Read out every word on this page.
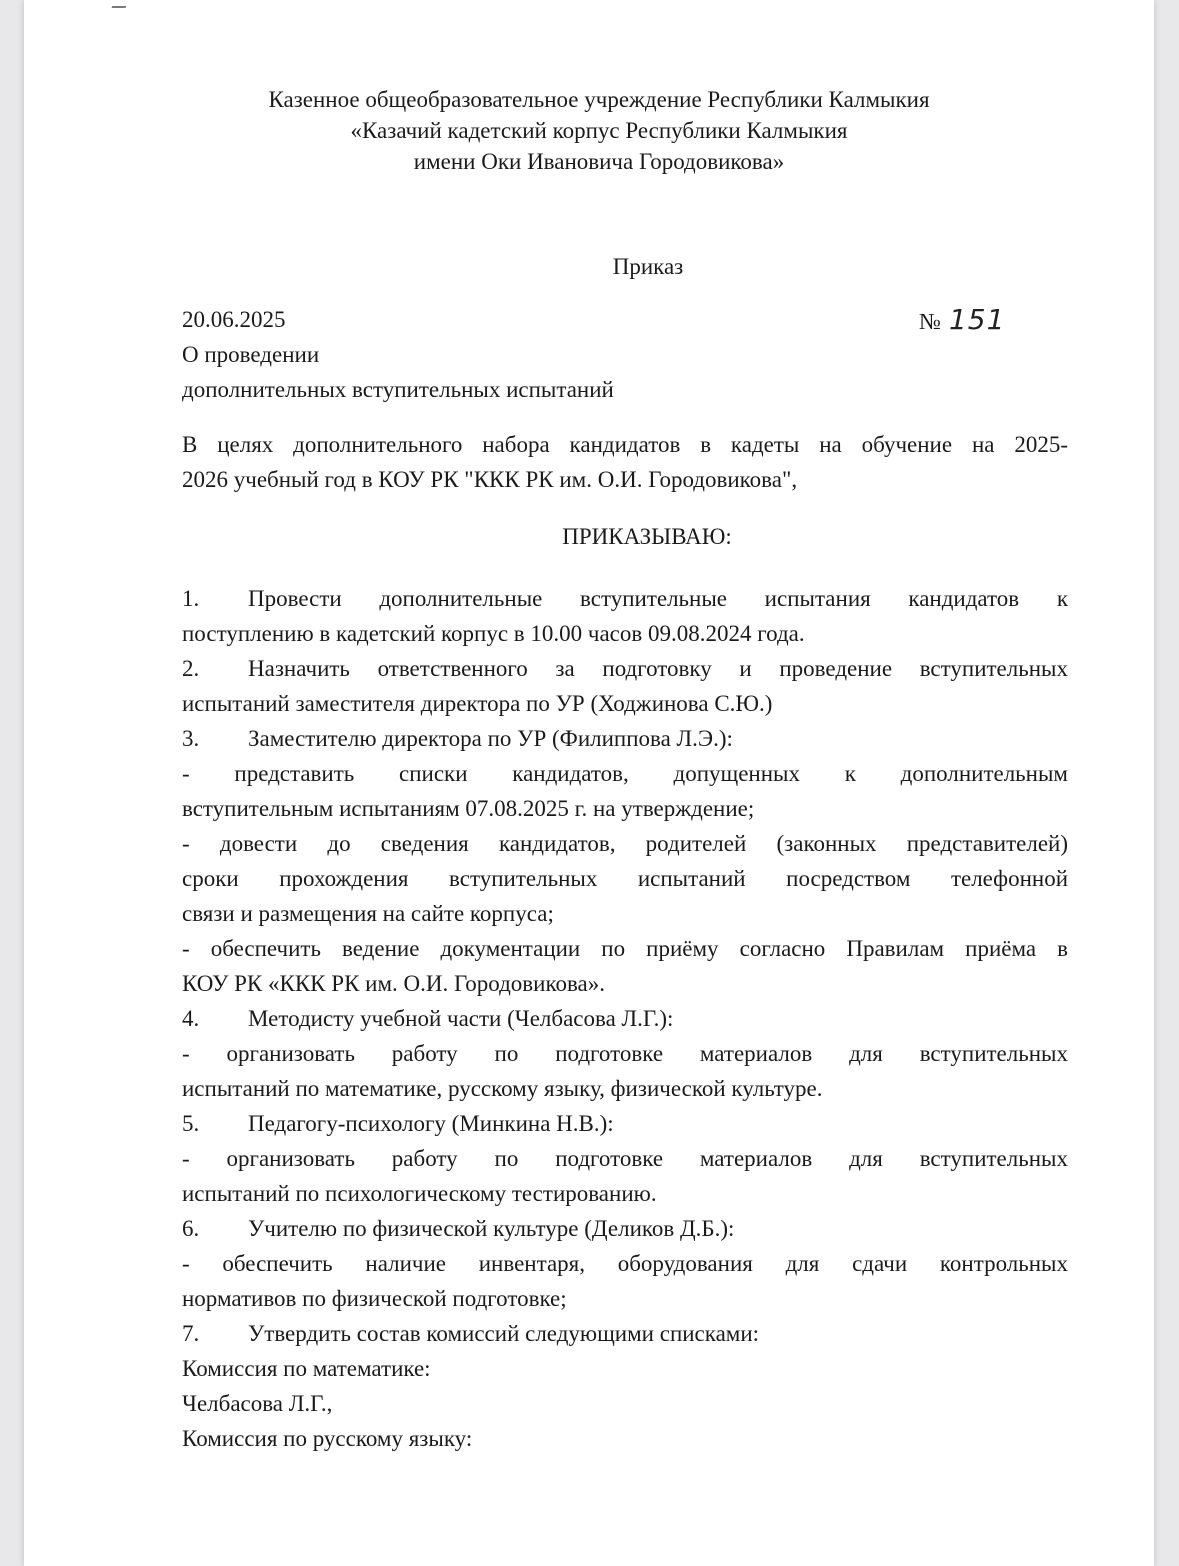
Казенное общеобразовательное учреждение Республики Калмыкия
«Казачий кадетский корпус Республики Калмыкия
имени Оки Ивановича Городовикова»
Приказ
20.06.2025	№ 151
О проведении
дополнительных вступительных испытаний
В целях дополнительного набора кандидатов в кадеты на обучение на 2025-
2026 учебный год в КОУ РК "ККК РК им. О.И. Городовикова",
ПРИКАЗЫВАЮ:
1. Провести дополнительные вступительные испытания кандидатов к
поступлению в кадетский корпус в 10.00 часов 09.08.2024 года.
2. Назначить ответственного за подготовку и проведение вступительных
испытаний заместителя директора по УР (Ходжинова С.Ю.)
3. Заместителю директора по УР (Филиппова Л.Э.):
- представить списки кандидатов, допущенных к дополнительным
вступительным испытаниям 07.08.2025 г. на утверждение;
- довести до сведения кандидатов, родителей (законных представителей)
сроки прохождения вступительных испытаний посредством телефонной
связи и размещения на сайте корпуса;
- обеспечить ведение документации по приёму согласно Правилам приёма в
КОУ РК «ККК РК им. О.И. Городовикова».
4. Методисту учебной части (Челбасова Л.Г.):
- организовать работу по подготовке материалов для вступительных
испытаний по математике, русскому языку, физической культуре.
5. Педагогу-психологу (Минкина Н.В.):
- организовать работу по подготовке материалов для вступительных
испытаний по психологическому тестированию.
6. Учителю по физической культуре (Деликов Д.Б.):
- обеспечить наличие инвентаря, оборудования для сдачи контрольных
нормативов по физической подготовке;
7. Утвердить состав комиссий следующими списками:
Комиссия по математике:
Челбасова Л.Г.,
Комиссия по русскому языку:
